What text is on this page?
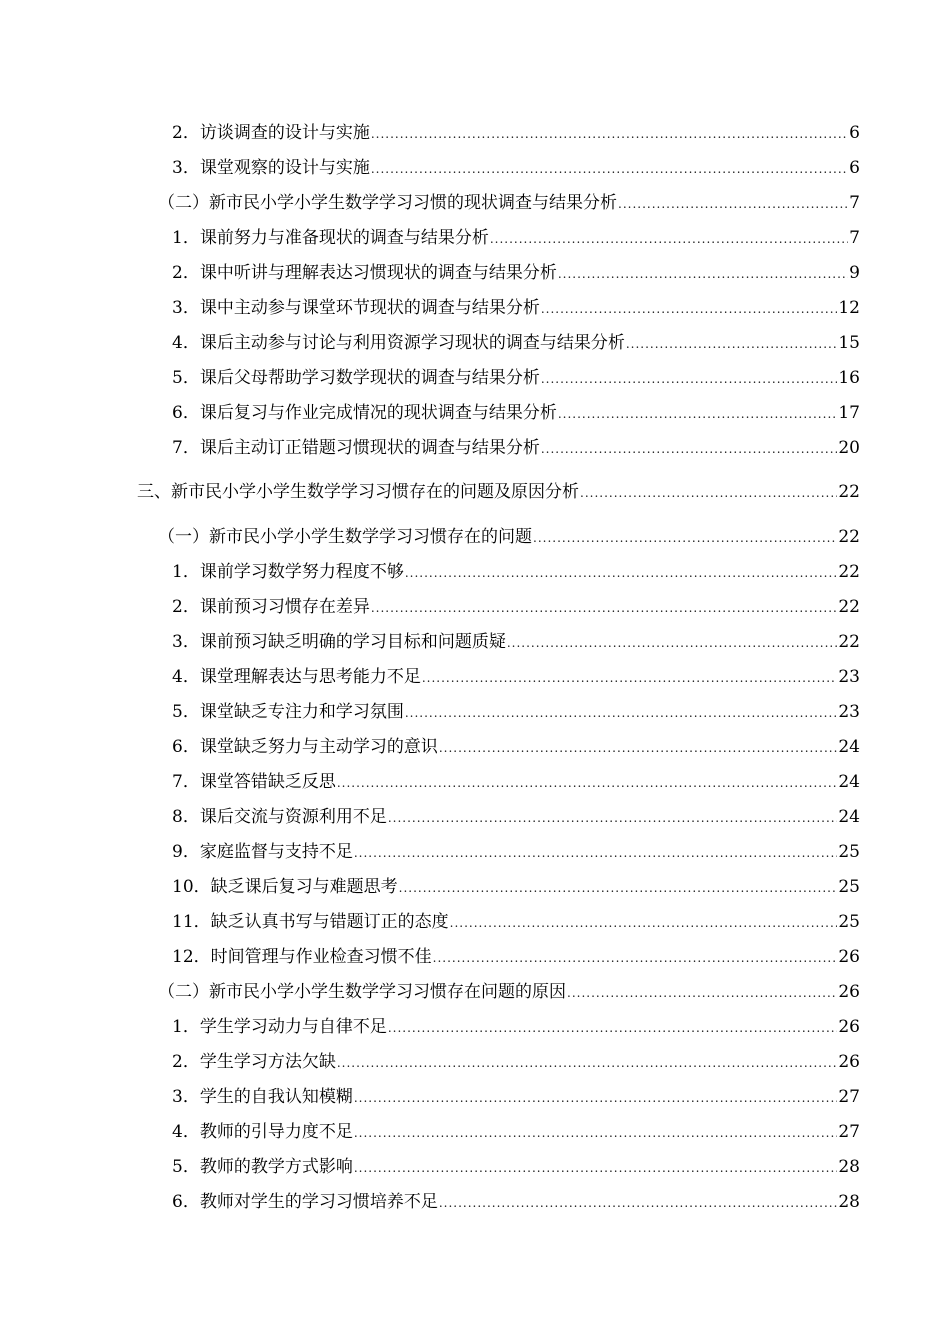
2．访谈调查的设计与实施 .....	6
3．课堂观察的设计与实施 .....	6
（二）新市民小学小学生数学学习习惯的现状调查与结果分析 .....	7
1．课前努力与准备现状的调查与结果分析 .....	7
2．课中听讲与理解表达习惯现状的调查与结果分析 .....	9
3．课中主动参与课堂环节现状的调查与结果分析 .....	12
4．课后主动参与讨论与利用资源学习现状的调查与结果分析 .....	15
5．课后父母帮助学习数学现状的调查与结果分析 .....	16
6．课后复习与作业完成情况的现状调查与结果分析 .....	17
7．课后主动订正错题习惯现状的调查与结果分析 .....	20
三、新市民小学小学生数学学习习惯存在的问题及原因分析 .....	22
（一）新市民小学小学生数学学习习惯存在的问题 .....	22
1．课前学习数学努力程度不够 .....	22
2．课前预习习惯存在差异 .....	22
3．课前预习缺乏明确的学习目标和问题质疑 .....	22
4．课堂理解表达与思考能力不足 .....	23
5．课堂缺乏专注力和学习氛围 .....	23
6．课堂缺乏努力与主动学习的意识 .....	24
7．课堂答错缺乏反思 .....	24
8．课后交流与资源利用不足 .....	24
9．家庭监督与支持不足 .....	25
10．缺乏课后复习与难题思考 .....	25
11．缺乏认真书写与错题订正的态度 .....	25
12．时间管理与作业检查习惯不佳 .....	26
（二）新市民小学小学生数学学习习惯存在问题的原因 .....	26
1．学生学习动力与自律不足 .....	26
2．学生学习方法欠缺 .....	26
3．学生的自我认知模糊 .....	27
4．教师的引导力度不足 .....	27
5．教师的教学方式影响 .....	28
6．教师对学生的学习习惯培养不足 .....	28
